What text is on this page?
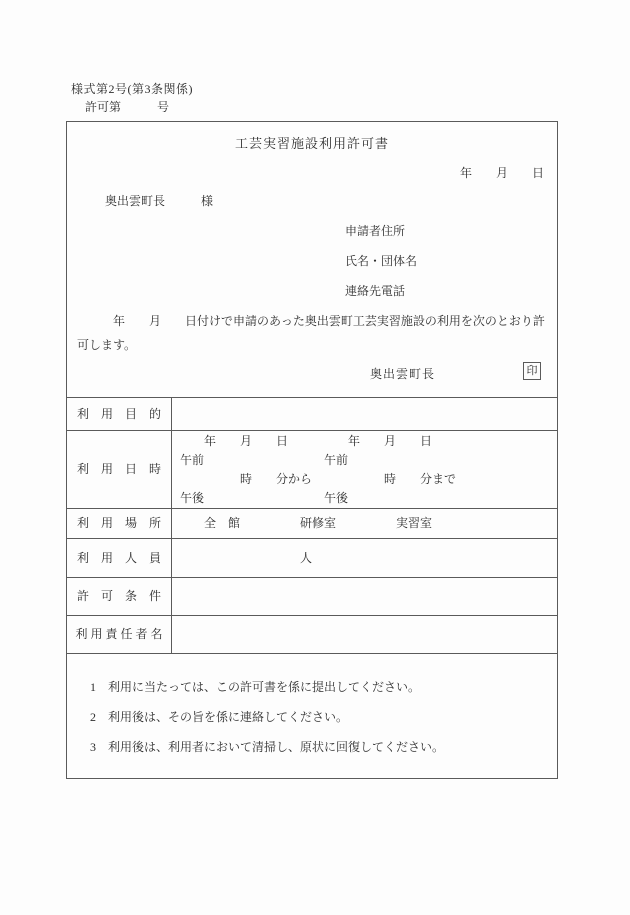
様式第2号(第3条関係)
許可第　　　号
工芸実習施設利用許可書
年　　月　　日
奥出雲町長　　　様
申請者住所
氏名・団体名
連絡先電話
　　　年　　月　　日付けで申請のあった奥出雲町工芸実習施設の利用を次のとおり許
可します。
奥出雲町長	印
利　用　目　的
利　用　日　時
　　年　　月　　日　　　　　年　　月　　日
午前　　　　　　　　　　午前
　　　　　時　　分から　　　　　　時　　分まで
午後　　　　　　　　　　午後
利　用　場　所	　　全　館　　　　　研修室　　　　　実習室
利　用　人　員	　　　　　　　　　　人
許　可　条　件
利用責任者名
1　利用に当たっては、この許可書を係に提出してください。
2　利用後は、その旨を係に連絡してください。
3　利用後は、利用者において清掃し、原状に回復してください。
